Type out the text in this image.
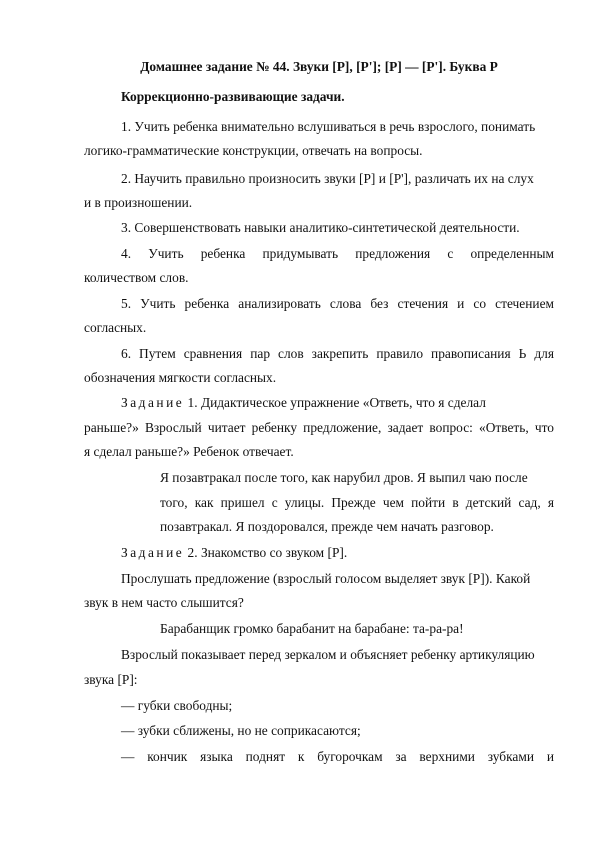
Домашнее задание № 44. Звуки [Р], [Р']; [Р] — [Р']. Буква Р
Коррекционно-развивающие задачи.
1. Учить ребенка внимательно вслушиваться в речь взрослого, понимать
логико-грамматические конструкции, отвечать на вопросы.
2. Научить правильно произносить звуки [Р] и [Р'], различать их на слух
и в произношении.
3. Совершенствовать навыки аналитико-синтетической деятельности.
4. Учить ребенка придумывать предложения с определенным
количеством слов.
5. Учить ребенка анализировать слова без стечения и со стечением
согласных.
6. Путем сравнения пар слов закрепить правило правописания Ь для
обозначения мягкости согласных.
Задание 1. Дидактическое упражнение «Ответь, что я сделал
раньше?» Взрослый читает ребенку предложение, задает вопрос: «Ответь, что
я сделал раньше?» Ребенок отвечает.
Я позавтракал после того, как нарубил дров. Я выпил чаю после
того, как пришел с улицы. Прежде чем пойти в детский сад, я
позавтракал. Я поздоровался, прежде чем начать разговор.
Задание 2. Знакомство со звуком [Р].
Прослушать предложение (взрослый голосом выделяет звук [Р]). Какой
звук в нем часто слышится?
Барабанщик громко барабанит на барабане: та-ра-ра!
Взрослый показывает перед зеркалом и объясняет ребенку артикуляцию
звука [Р]:
— губки свободны;
— зубки сближены, но не соприкасаются;
— кончик языка поднят к бугорочкам за верхними зубками и
